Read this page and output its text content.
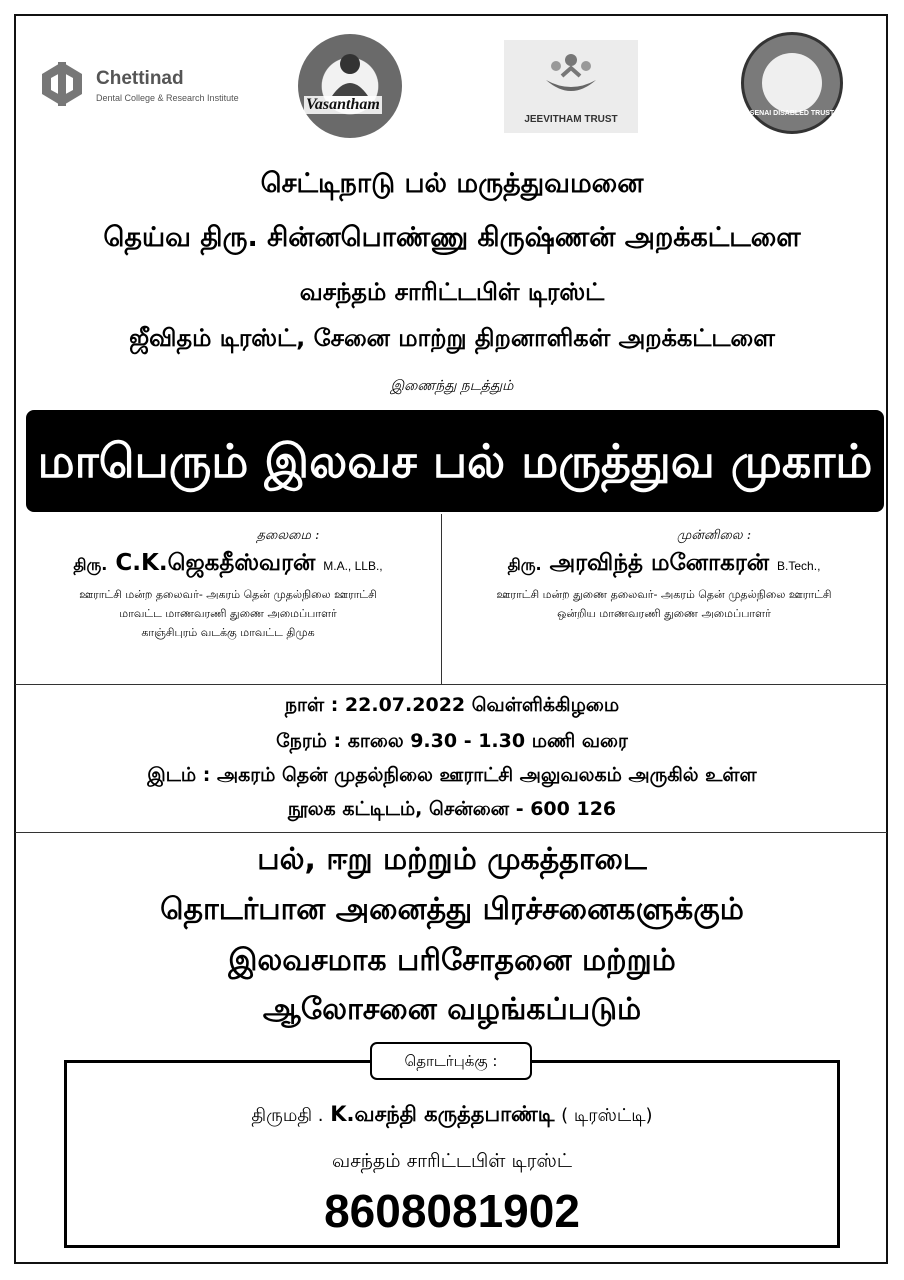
Chettinad
Dental College & Research Institute	Vasantham
JEEVITHAM TRUST
SENAI DISABLED TRUST
செட்டிநாடு பல் மருத்துவமனை
தெய்வ திரு. சின்னபொண்ணு கிருஷ்ணன் அறக்கட்டளை
வசந்தம் சாரிட்டபிள் டிரஸ்ட்
ஜீவிதம் டிரஸ்ட், சேனை மாற்று திறனாளிகள் அறக்கட்டளை
இணைந்து நடத்தும்
மாபெரும் இலவச பல் மருத்துவ முகாம்
தலைமை :
திரு. C.K.ஜெகதீஸ்வரன் M.A., LLB.,
ஊராட்சி மன்ற தலைவர்- அகரம் தென் முதல்நிலை ஊராட்சி
மாவட்ட மாணவரணி துணை அமைப்பாளர்
காஞ்சிபுரம் வடக்கு மாவட்ட திமுக
முன்னிலை :
திரு. அரவிந்த் மனோகரன் B.Tech.,
ஊராட்சி மன்ற துணை தலைவர்- அகரம் தென் முதல்நிலை ஊராட்சி
ஒன்றிய மாணவரணி துணை அமைப்பாளர்
நாள் : 22.07.2022 வெள்ளிக்கிழமை
நேரம் : காலை 9.30 - 1.30 மணி வரை
இடம் : அகரம் தென் முதல்நிலை ஊராட்சி அலுவலகம் அருகில் உள்ள
நூலக கட்டிடம், சென்னை - 600 126
பல், ஈறு மற்றும் முகத்தாடை
தொடர்பான அனைத்து பிரச்சனைகளுக்கும்
இலவசமாக பரிசோதனை மற்றும்
ஆலோசனை வழங்கப்படும்
தொடர்புக்கு :
திருமதி . K.வசந்தி கருத்தபாண்டி ( டிரஸ்ட்டி)
வசந்தம் சாரிட்டபிள் டிரஸ்ட்
8608081902
